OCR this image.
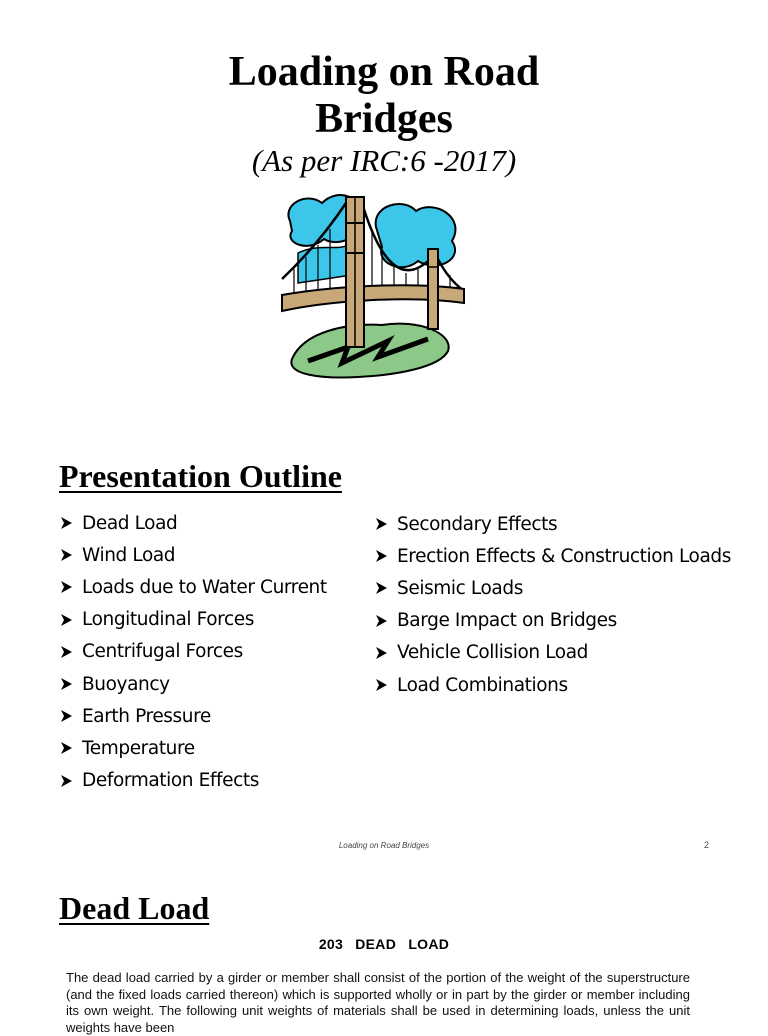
Loading on Road
Bridges
(As per IRC:6 -2017)
Presentation Outline
Dead Load
Wind Load
Loads due to Water Current
Longitudinal Forces
Centrifugal Forces
Buoyancy
Earth Pressure
Temperature
Deformation Effects
Secondary Effects
Erection Effects & Construction Loads
Seismic Loads
Barge Impact on Bridges
Vehicle Collision Load
Load Combinations
Loading on Road Bridges	2
Dead Load
203 DEAD LOAD
The dead load carried by a girder or member shall consist of the portion of the weight of the superstructure (and the fixed loads carried thereon) which is supported wholly or in part by the girder or member including its own weight. The following unit weights of materials shall be used in determining loads, unless the unit weights have been
